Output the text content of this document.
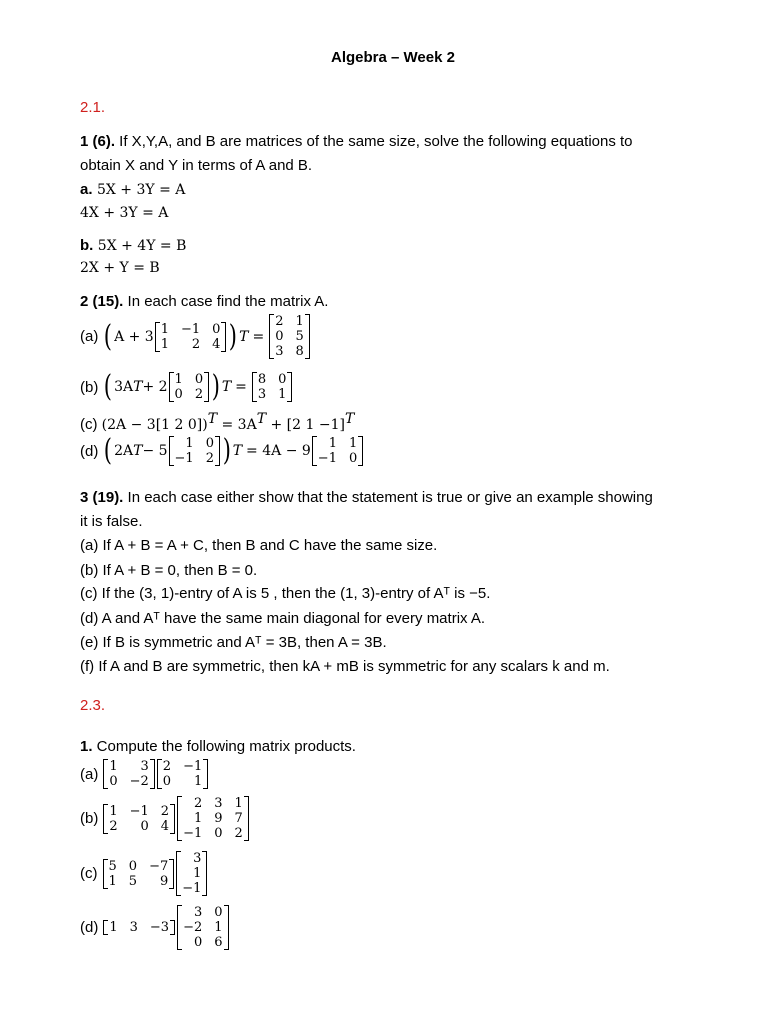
Algebra – Week 2
2.1.
1 (6). If X,Y,A, and B are matrices of the same size, solve the following equations to
obtain X and Y in terms of A and B.
a. 5X + 3Y = A
4X + 3Y = A
b. 5X + 4Y = B
2X + Y = B
2 (15). In each case find the matrix A.
(a) ( A + 3 1 −1 0
1	2 4 ) T =
2 1
0 5
3 8
(b) ( 3A T + 2 1 0
0 2 ) T = 8 0
3 1
(c) (2A − 3[1 2 $0])^T = 3A^T + [2$ 1 −1]$^T$
(d) ( 2A T − 5	1 0
−1 2 ) T = 4A − 9	1 1
−1 0
3 (19). In each case either show that the statement is true or give an example showing
it is false.
(a) If A + B = A + C, then B and C have the same size.
(b) If A + B = 0, then B = 0.
(c) If the (3, 1)-entry of A is 5 , then the (1, 3)-entry of Aᵀ is −5.
(d) A and Aᵀ have the same main diagonal for every matrix A.
(e) If B is symmetric and Aᵀ = 3B, then A = 3B.
(f) If A and B are symmetric, then kA + mB is symmetric for any scalars k and m.
2.3.
1. Compute the following matrix products.
(a) 1	3
0 −2
2 −1
0	1
(b) 1 −1 2
2	0 4
2 3 1
1 9 7
−1 0 2
(c) 5 0 −7
1 5	9
3
1
−1
(d) 1 3 −3
3 0
−2 1
0 6
